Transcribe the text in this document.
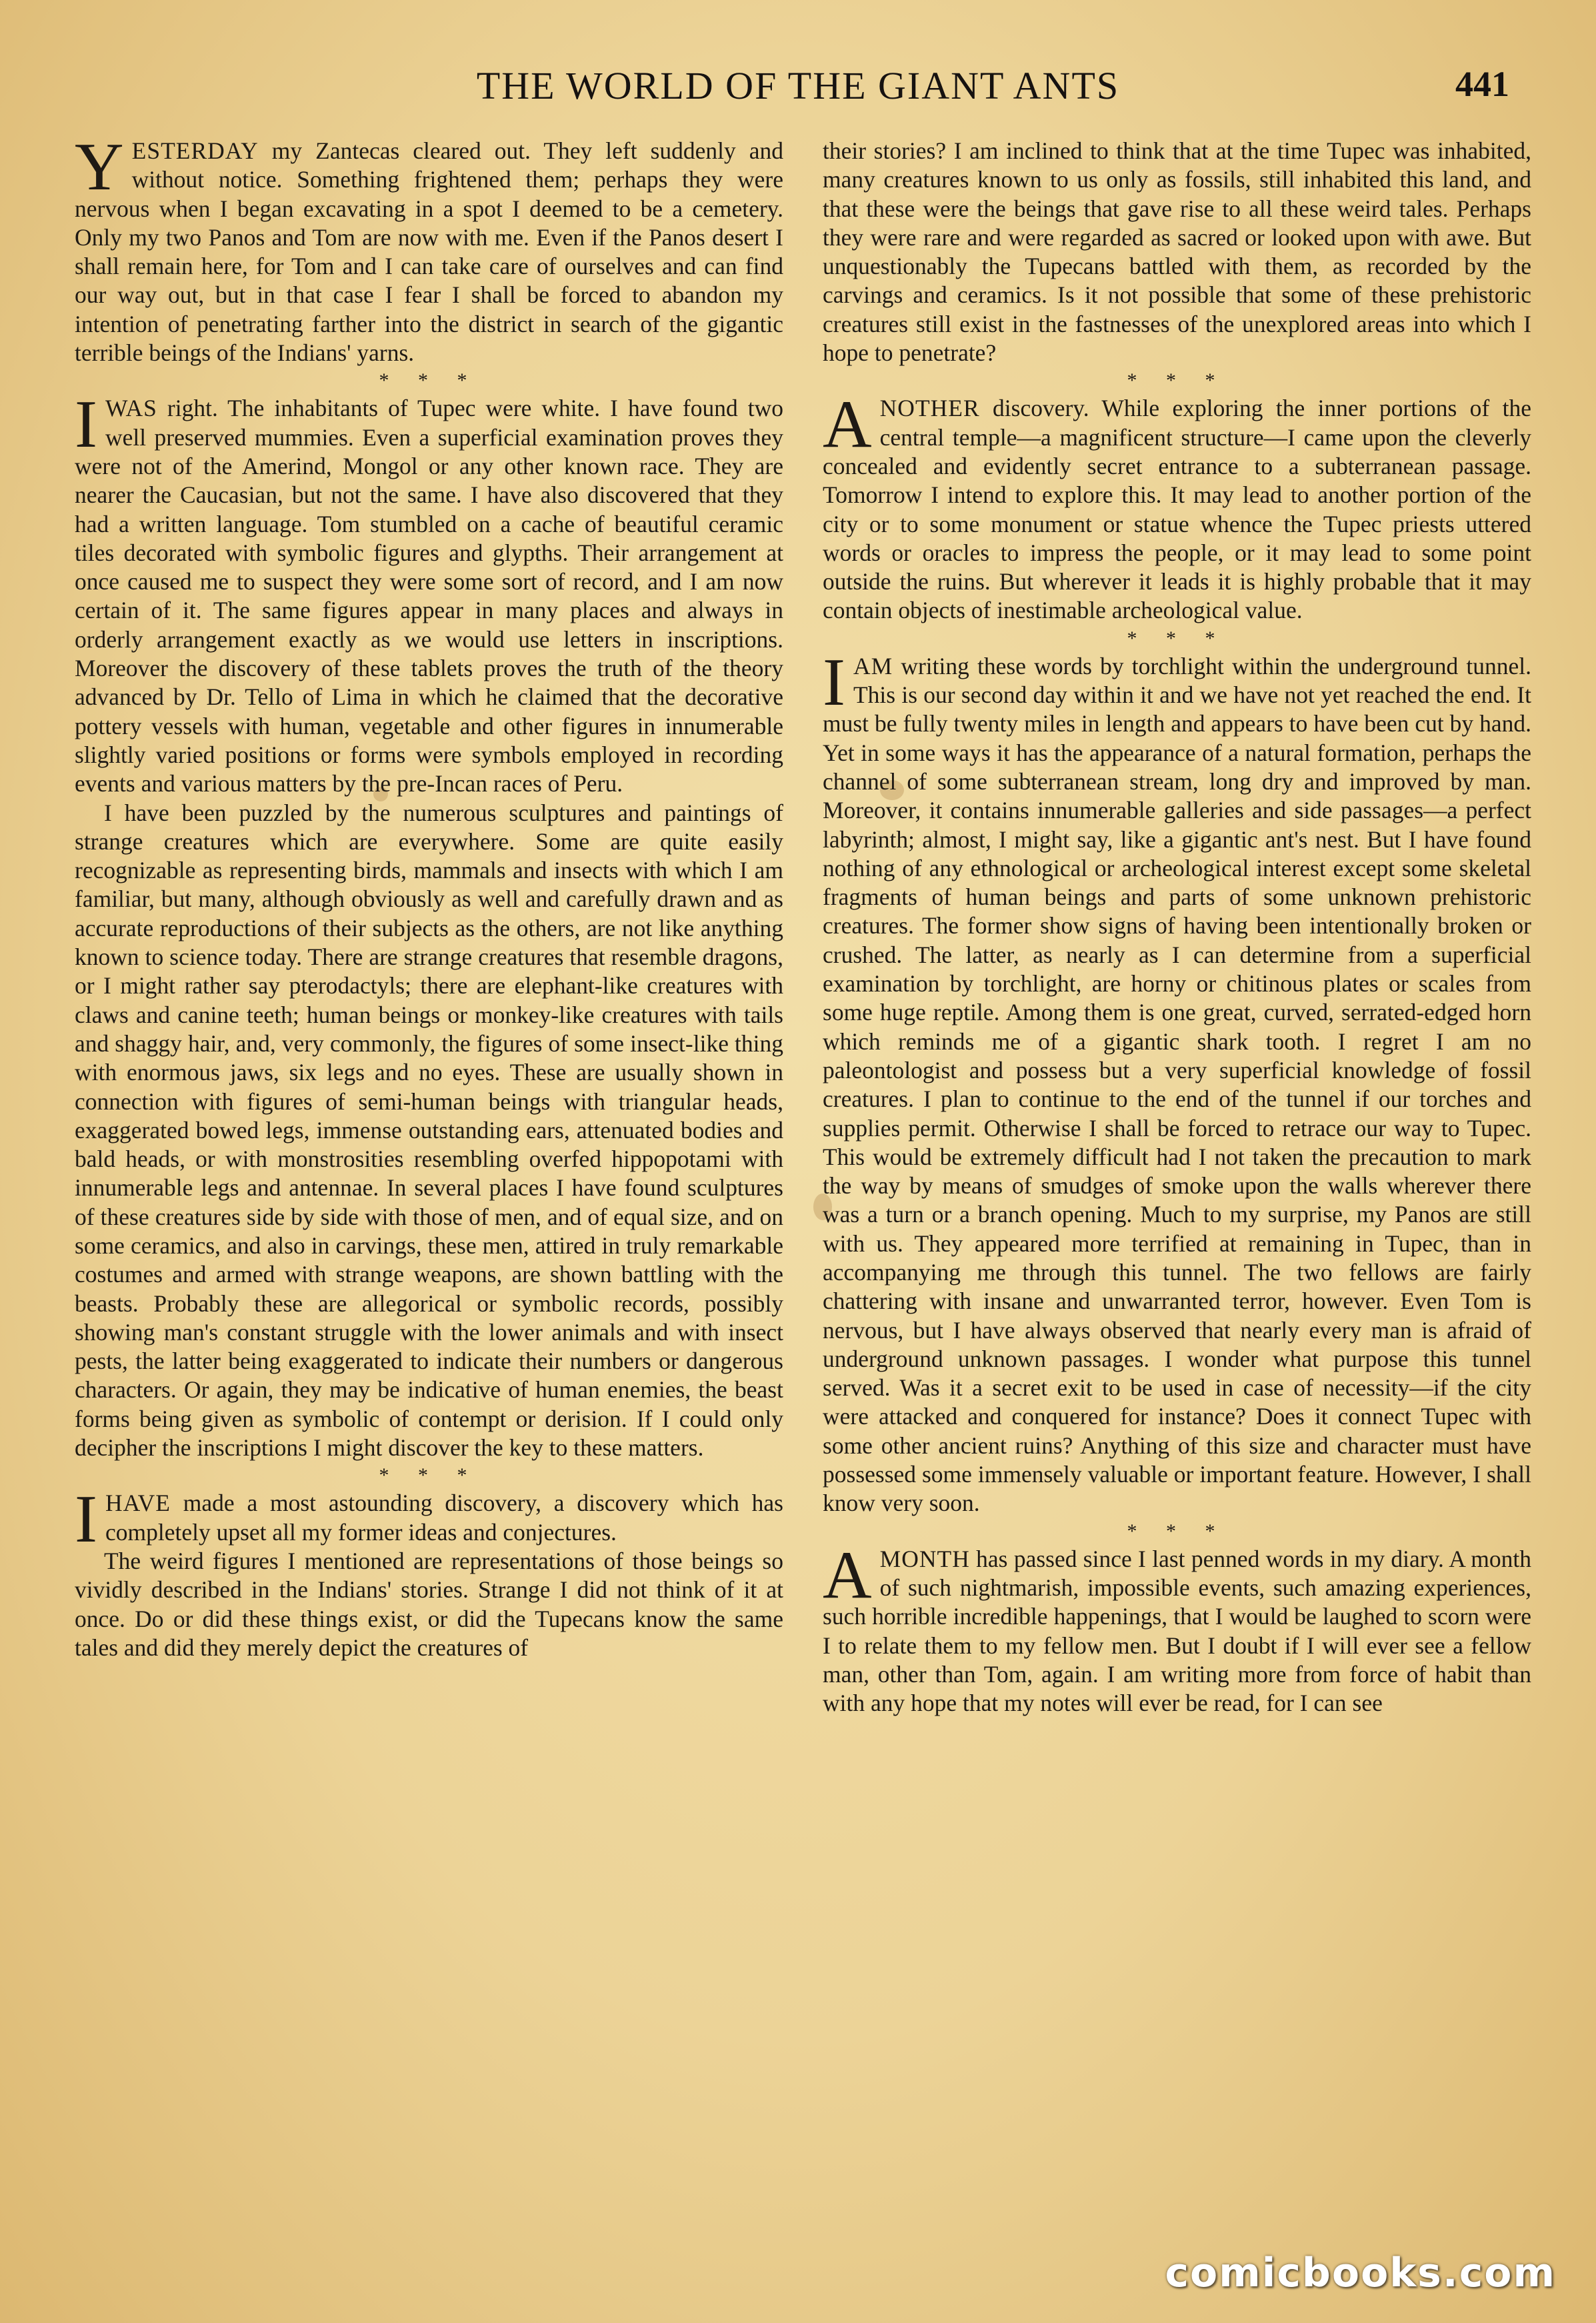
THE WORLD OF THE GIANT ANTS	441

YESTERDAY my Zantecas cleared out. They left suddenly and without notice. Something frightened them; perhaps they were nervous when I began excavating in a spot I deemed to be a cemetery. Only my two Panos and Tom are now with me. Even if the Panos desert I shall remain here, for Tom and I can take care of ourselves and can find our way out, but in that case I fear I shall be forced to abandon my intention of penetrating farther into the district in search of the gigantic terrible beings of the Indians' yarns.

* * *

I WAS right. The inhabitants of Tupec were white. I have found two well preserved mummies. Even a superficial examination proves they were not of the Amerind, Mongol or any other known race. They are nearer the Caucasian, but not the same. I have also discovered that they had a written language. Tom stumbled on a cache of beautiful ceramic tiles decorated with symbolic figures and glypths. Their arrangement at once caused me to suspect they were some sort of record, and I am now certain of it. The same figures appear in many places and always in orderly arrangement exactly as we would use letters in inscriptions. Moreover the discovery of these tablets proves the truth of the theory advanced by Dr. Tello of Lima in which he claimed that the decorative pottery vessels with human, vegetable and other figures in innumerable slightly varied positions or forms were symbols employed in recording events and various matters by the pre-Incan races of Peru.

I have been puzzled by the numerous sculptures and paintings of strange creatures which are everywhere. Some are quite easily recognizable as representing birds, mammals and insects with which I am familiar, but many, although obviously as well and carefully drawn and as accurate reproductions of their subjects as the others, are not like anything known to science today. There are strange creatures that resemble dragons, or I might rather say pterodactyls; there are elephant-like creatures with claws and canine teeth; human beings or monkey-like creatures with tails and shaggy hair, and, very commonly, the figures of some insect-like thing with enormous jaws, six legs and no eyes. These are usually shown in connection with figures of semi-human beings with triangular heads, exaggerated bowed legs, immense outstanding ears, attenuated bodies and bald heads, or with monstrosities resembling overfed hippopotami with innumerable legs and antennae. In several places I have found sculptures of these creatures side by side with those of men, and of equal size, and on some ceramics, and also in carvings, these men, attired in truly remarkable costumes and armed with strange weapons, are shown battling with the beasts. Probably these are allegorical or symbolic records, possibly showing man's constant struggle with the lower animals and with insect pests, the latter being exaggerated to indicate their numbers or dangerous characters. Or again, they may be indicative of human enemies, the beast forms being given as symbolic of contempt or derision. If I could only decipher the inscriptions I might discover the key to these matters.

* * *

I HAVE made a most astounding discovery, a discovery which has completely upset all my former ideas and conjectures.

The weird figures I mentioned are representations of those beings so vividly described in the Indians' stories. Strange I did not think of it at once. Do or did these things exist, or did the Tupecans know the same tales and did they merely depict the creatures of

their stories? I am inclined to think that at the time Tupec was inhabited, many creatures known to us only as fossils, still inhabited this land, and that these were the beings that gave rise to all these weird tales. Perhaps they were rare and were regarded as sacred or looked upon with awe. But unquestionably the Tupecans battled with them, as recorded by the carvings and ceramics. Is it not possible that some of these prehistoric creatures still exist in the fastnesses of the unexplored areas into which I hope to penetrate?

* * *

ANOTHER discovery. While exploring the inner portions of the central temple—a magnificent structure—I came upon the cleverly concealed and evidently secret entrance to a subterranean passage. Tomorrow I intend to explore this. It may lead to another portion of the city or to some monument or statue whence the Tupec priests uttered words or oracles to impress the people, or it may lead to some point outside the ruins. But wherever it leads it is highly probable that it may contain objects of inestimable archeological value.

* * *

I AM writing these words by torchlight within the underground tunnel. This is our second day within it and we have not yet reached the end. It must be fully twenty miles in length and appears to have been cut by hand. Yet in some ways it has the appearance of a natural formation, perhaps the channel of some subterranean stream, long dry and improved by man. Moreover, it contains innumerable galleries and side passages—a perfect labyrinth; almost, I might say, like a gigantic ant's nest. But I have found nothing of any ethnological or archeological interest except some skeletal fragments of human beings and parts of some unknown prehistoric creatures. The former show signs of having been intentionally broken or crushed. The latter, as nearly as I can determine from a superficial examination by torchlight, are horny or chitinous plates or scales from some huge reptile. Among them is one great, curved, serrated-edged horn which reminds me of a gigantic shark tooth. I regret I am no paleontologist and possess but a very superficial knowledge of fossil creatures. I plan to continue to the end of the tunnel if our torches and supplies permit. Otherwise I shall be forced to retrace our way to Tupec. This would be extremely difficult had I not taken the precaution to mark the way by means of smudges of smoke upon the walls wherever there was a turn or a branch opening. Much to my surprise, my Panos are still with us. They appeared more terrified at remaining in Tupec, than in accompanying me through this tunnel. The two fellows are fairly chattering with insane and unwarranted terror, however. Even Tom is nervous, but I have always observed that nearly every man is afraid of underground unknown passages. I wonder what purpose this tunnel served. Was it a secret exit to be used in case of necessity—if the city were attacked and conquered for instance? Does it connect Tupec with some other ancient ruins? Anything of this size and character must have possessed some immensely valuable or important feature. However, I shall know very soon.

* * *

A MONTH has passed since I last penned words in my diary. A month of such nightmarish, impossible events, such amazing experiences, such horrible incredible happenings, that I would be laughed to scorn were I to relate them to my fellow men. But I doubt if I will ever see a fellow man, other than Tom, again. I am writing more from force of habit than with any hope that my notes will ever be read, for I can see

comicbooks.com
